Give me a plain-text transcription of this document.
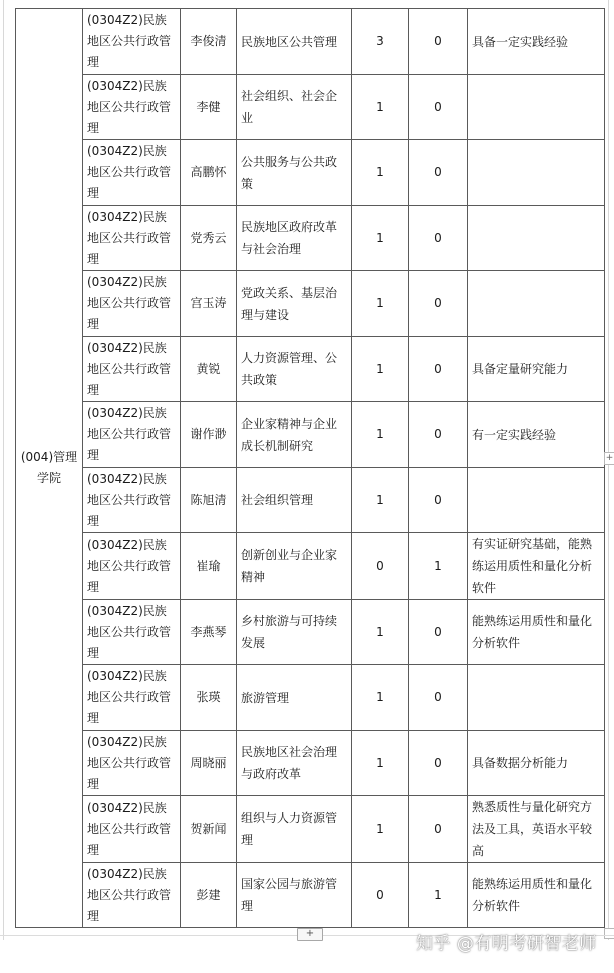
(004)管理学院	(0304Z2)民族地区公共行政管理	李俊清	民族地区公共管理	3	0	具备一定实践经验
	(0304Z2)民族地区公共行政管理	李健	社会组织、社会企业	1	0	
	(0304Z2)民族地区公共行政管理	高鹏怀	公共服务与公共政策	1	0	
	(0304Z2)民族地区公共行政管理	党秀云	民族地区政府改革与社会治理	1	0	
	(0304Z2)民族地区公共行政管理	宫玉涛	党政关系、基层治理与建设	1	0	
	(0304Z2)民族地区公共行政管理	黄锐	人力资源管理、公共政策	1	0	具备定量研究能力
	(0304Z2)民族地区公共行政管理	谢作渺	企业家精神与企业成长机制研究	1	0	有一定实践经验
	(0304Z2)民族地区公共行政管理	陈旭清	社会组织管理	1	0	
	(0304Z2)民族地区公共行政管理	崔瑜	创新创业与企业家精神	0	1	有实证研究基础，能熟练运用质性和量化分析软件
	(0304Z2)民族地区公共行政管理	李燕琴	乡村旅游与可持续发展	1	0	能熟练运用质性和量化分析软件
	(0304Z2)民族地区公共行政管理	张瑛	旅游管理	1	0	
	(0304Z2)民族地区公共行政管理	周晓丽	民族地区社会治理与政府改革	1	0	具备数据分析能力
	(0304Z2)民族地区公共行政管理	贺新闻	组织与人力资源管理	1	0	熟悉质性与量化研究方法及工具，英语水平较高
	(0304Z2)民族地区公共行政管理	彭建	国家公园与旅游管理	0	1	能熟练运用质性和量化分析软件
+
+
知乎 @有明考研智老师
